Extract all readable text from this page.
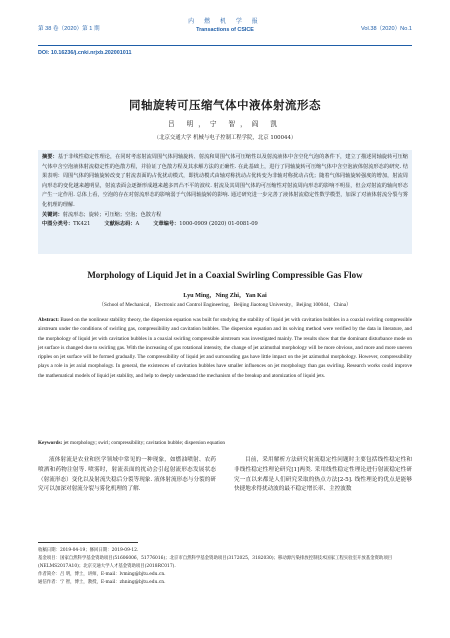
第 38 卷（2020）第 1 期
内 燃 机 学 报
Transactions of CSICE	Vol.38（2020）No.1
DOI: 10.16236/j.cnki.nrjxb.202001011
同轴旋转可压缩气体中液体射流形态
吕 明，宁 智，阎 凯
（北京交通大学 机械与电子控制工程学院，北京 100044）

摘要：基于非线性稳定性理论，在同时考虑射流周围气体同轴旋转、射流和周围气体可压缩性以及射流液体中含空化气泡的条件下，建立了描述同轴旋转可压缩气体中含空泡液体射流稳定性的色散方程，并验证了色散方程及其求解方法的正确性. 在此基础上，进行了同轴旋转可压缩气体中含空泡液体射流形态的研究. 结果表明：周围气体的同轴旋转改变了射流表面的占优扰动模式，即扰动模式由轴对称扰动占优转变为非轴对称扰动占优；随着气体同轴旋转强度的增加，射流周向形态的变化越来越明显，射流表面会逐渐形成越来越多凹凸不平的波纹. 射流及其周围气体的可压缩性对射流周向形态的影响不明显，但会对射流的轴向形态产生一定作用. 总体上看，空泡的存在对射流形态的影响弱于气体同轴旋转的影响. 通过研究进一步完善了液体射流稳定性数学模型，加深了对液体射流分裂与雾化机理的理解.

关键词：射流形态；旋转；可压缩；空泡；色散方程

中图分类号：TK421	文献标志码：A	文章编号：1000-0909 (2020) 01-0081-09

Morphology of Liquid Jet in a Coaxial Swirling Compressible Gas Flow
Lyu Ming，Ning Zhi，Yan Kai
（School of Mechanical，Electronic and Control Engineering，Beijing Jiaotong University，Beijing 100044，China）

Abstract: Based on the nonlinear stability theory, the dispersion equation was built for studying the stability of liquid jet with cavitation bubbles in a coaxial swirling compressible airstream under the conditions of swirling gas, compressibility and cavitation bubbles. The dispersion equation and its solving method were verified by the data in literature, and the morphology of liquid jet with cavitation bubbles in a coaxial swirling compressible airstream was investigated mainly. The results show that the dominant disturbance mode on jet surface is changed due to swirling gas. With the increasing of gas rotational intensity, the change of jet azimuthal morphology will be more obvious, and more and more uneven ripples on jet surface will be formed gradually. The compressibility of liquid jet and surrounding gas have little impact on the jet azimuthal morphology. However, compressibility plays a role in jet axial morphology. In general, the existences of cavitation bubbles have smaller influences on jet morphology than gas swirling. Research works could improve the mathematical models of liquid jet stability, and help to deeply understand the mechanism of the breakup and atomization of liquid jets.

Keywords: jet morphology; swirl; compressibility; cavitation bubble; dispersion equation

液体射流是农业和医学领域中常见的一种现象，如燃油喷射、农药喷洒和药物注射等. 喷雾时，射流表面的扰动会引起射流形态发展状态（射流形态）变化以及射流失稳后分裂等现象. 液体射流形态与分裂的研究可以加深对射流分裂与雾化机理的了解.

目前，采用解析方法研究射流稳定性问题时主要包括线性稳定性和非线性稳定性理论研究[1]两类. 采用线性稳定性理论进行射流稳定性研究一直以来都是人们研究采取的热点方法[2-5]. 线性理论的优点是能够快捷地求得扰动波的最不稳定增长率、主控波数

收稿日期：2019-04-19；修回日期：2019-09-12.

基金项目：国家自然科学基金资助项目(51606006，51776016)；北京市自然科学基金资助项目(3172025，3182030)；移动源污染排放控制技术国家工程实验室开放基金资助项目(NELMS2017A10)；北京交通大学人才基金资助项目(2018RC017).

作者简介：吕 明，博士，讲师，E-mail：lvming@bjtu.edu.cn.

通信作者：宁 智，博士，教授，E-mail：zhning@bjtu.edu.cn.
